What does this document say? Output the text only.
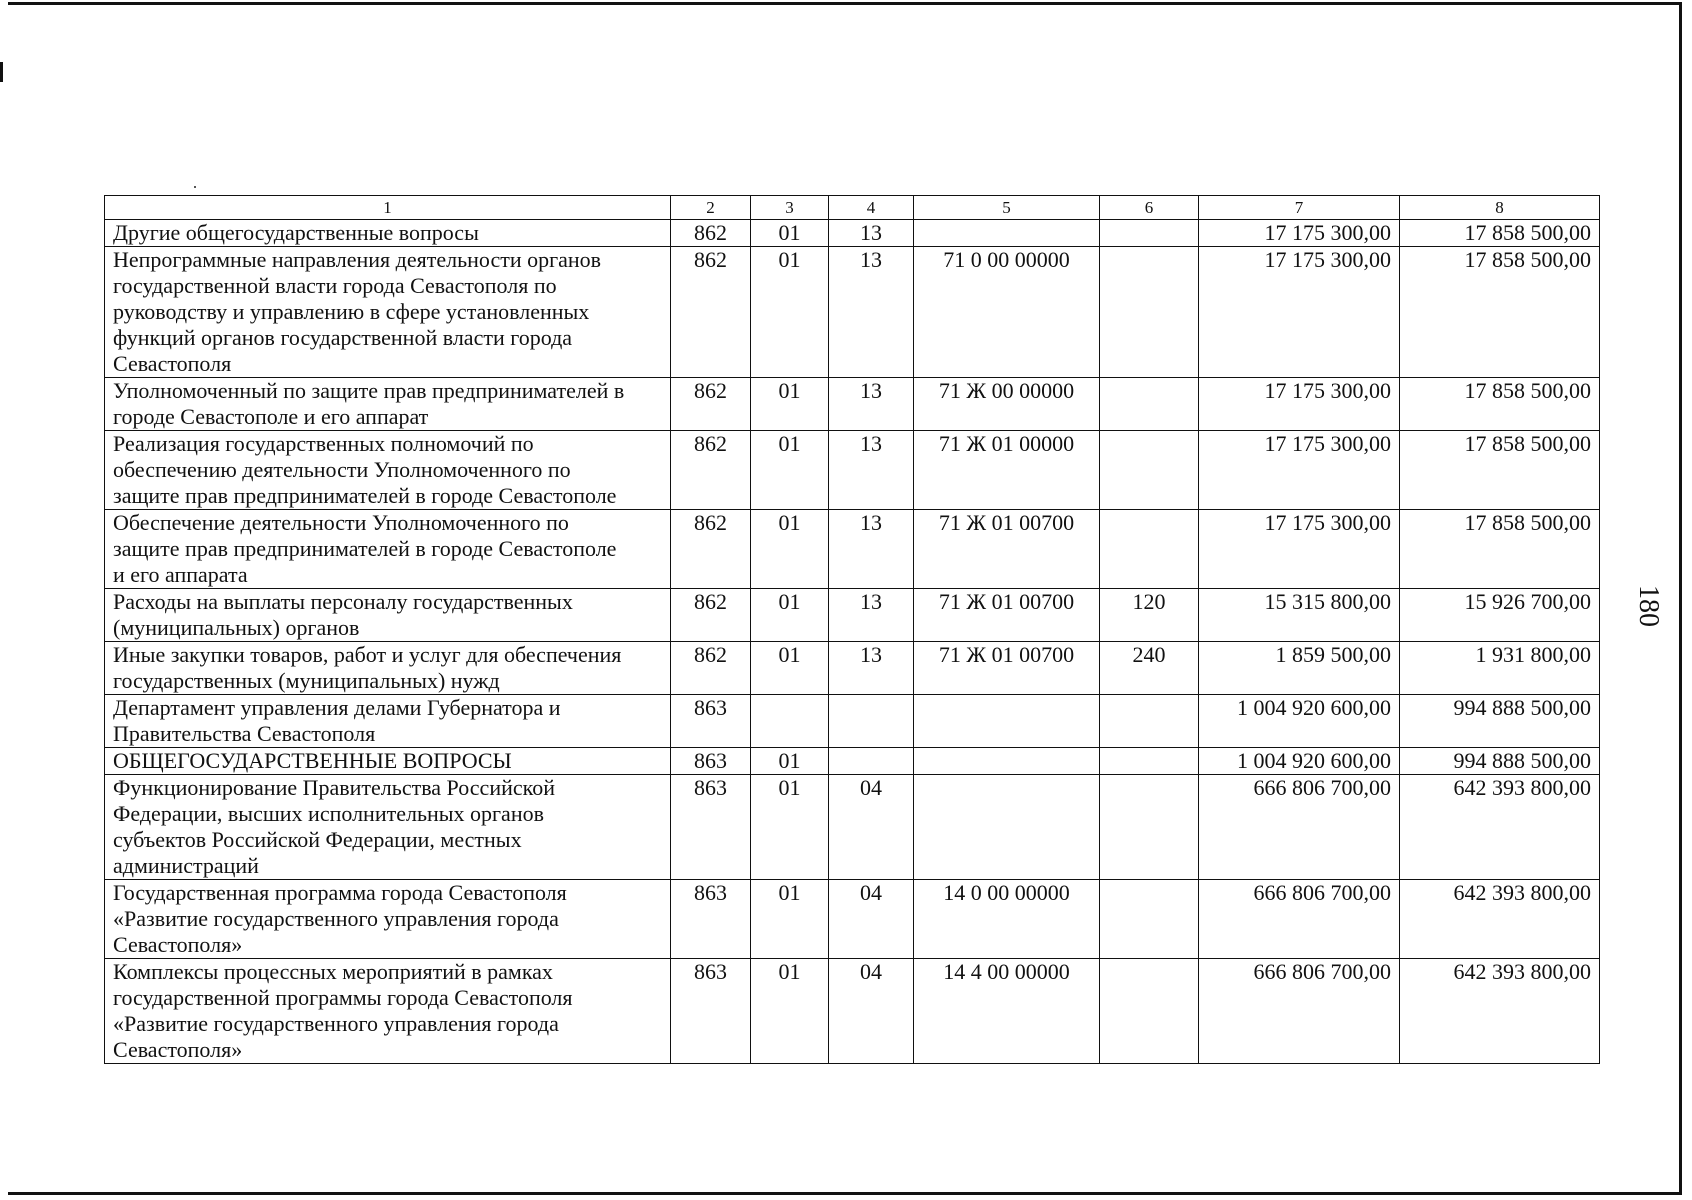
1	2	3	4	5	6	7	8
Другие общегосударственные вопросы	862	01	13			17 175 300,00	17 858 500,00
Непрограммные направления деятельности органов государственной власти города Севастополя по руководству и управлению в сфере установленных функций органов государственной власти города Севастополя	862	01	13	71 0 00 00000		17 175 300,00	17 858 500,00
Уполномоченный по защите прав предпринимателей в городе Севастополе и его аппарат	862	01	13	71 Ж 00 00000		17 175 300,00	17 858 500,00
Реализация государственных полномочий по обеспечению деятельности Уполномоченного по защите прав предпринимателей в городе Севастополе	862	01	13	71 Ж 01 00000		17 175 300,00	17 858 500,00
Обеспечение деятельности Уполномоченного по защите прав предпринимателей в городе Севастополе и его аппарата	862	01	13	71 Ж 01 00700		17 175 300,00	17 858 500,00
Расходы на выплаты персоналу государственных (муниципальных) органов	862	01	13	71 Ж 01 00700	120	15 315 800,00	15 926 700,00
Иные закупки товаров, работ и услуг для обеспечения государственных (муниципальных) нужд	862	01	13	71 Ж 01 00700	240	1 859 500,00	1 931 800,00
Департамент управления делами Губернатора и Правительства Севастополя	863					1 004 920 600,00	994 888 500,00
ОБЩЕГОСУДАРСТВЕННЫЕ ВОПРОСЫ	863	01				1 004 920 600,00	994 888 500,00
Функционирование Правительства Российской Федерации, высших исполнительных органов субъектов Российской Федерации, местных администраций	863	01	04			666 806 700,00	642 393 800,00
Государственная программа города Севастополя «Развитие государственного управления города Севастополя»	863	01	04	14 0 00 00000		666 806 700,00	642 393 800,00
Комплексы процессных мероприятий в рамках государственной программы города Севастополя «Развитие государственного управления города Севастополя»	863	01	04	14 4 00 00000		666 806 700,00	642 393 800,00
180
